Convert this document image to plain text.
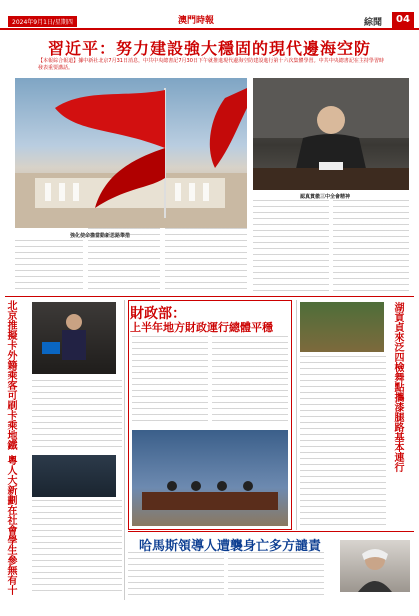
2024年9月1日/星期四	澳門時報	綜聞	04
習近平：努力建設強大穩固的現代邊海空防
【本報綜合報道】據中新社北京7月31日消息，中共中央總書記7月30日下午就推進現代邊海空防建設進行第十六次集體學習。中共中央總書記在主持學習時發表重要講話。
強化使命擔當動新思路舉措
認真貫徹三中全會精神
北京推擬卡外籍乘客可刷卡乘地鐵
粵人大新劃在社會學生參無有十
財政部：
上半年地方財政運行總體平穩	湖貢貞來泛四檢舞點攜漆腿路基本連行
哈馬斯領導人遭襲身亡多方譴責
